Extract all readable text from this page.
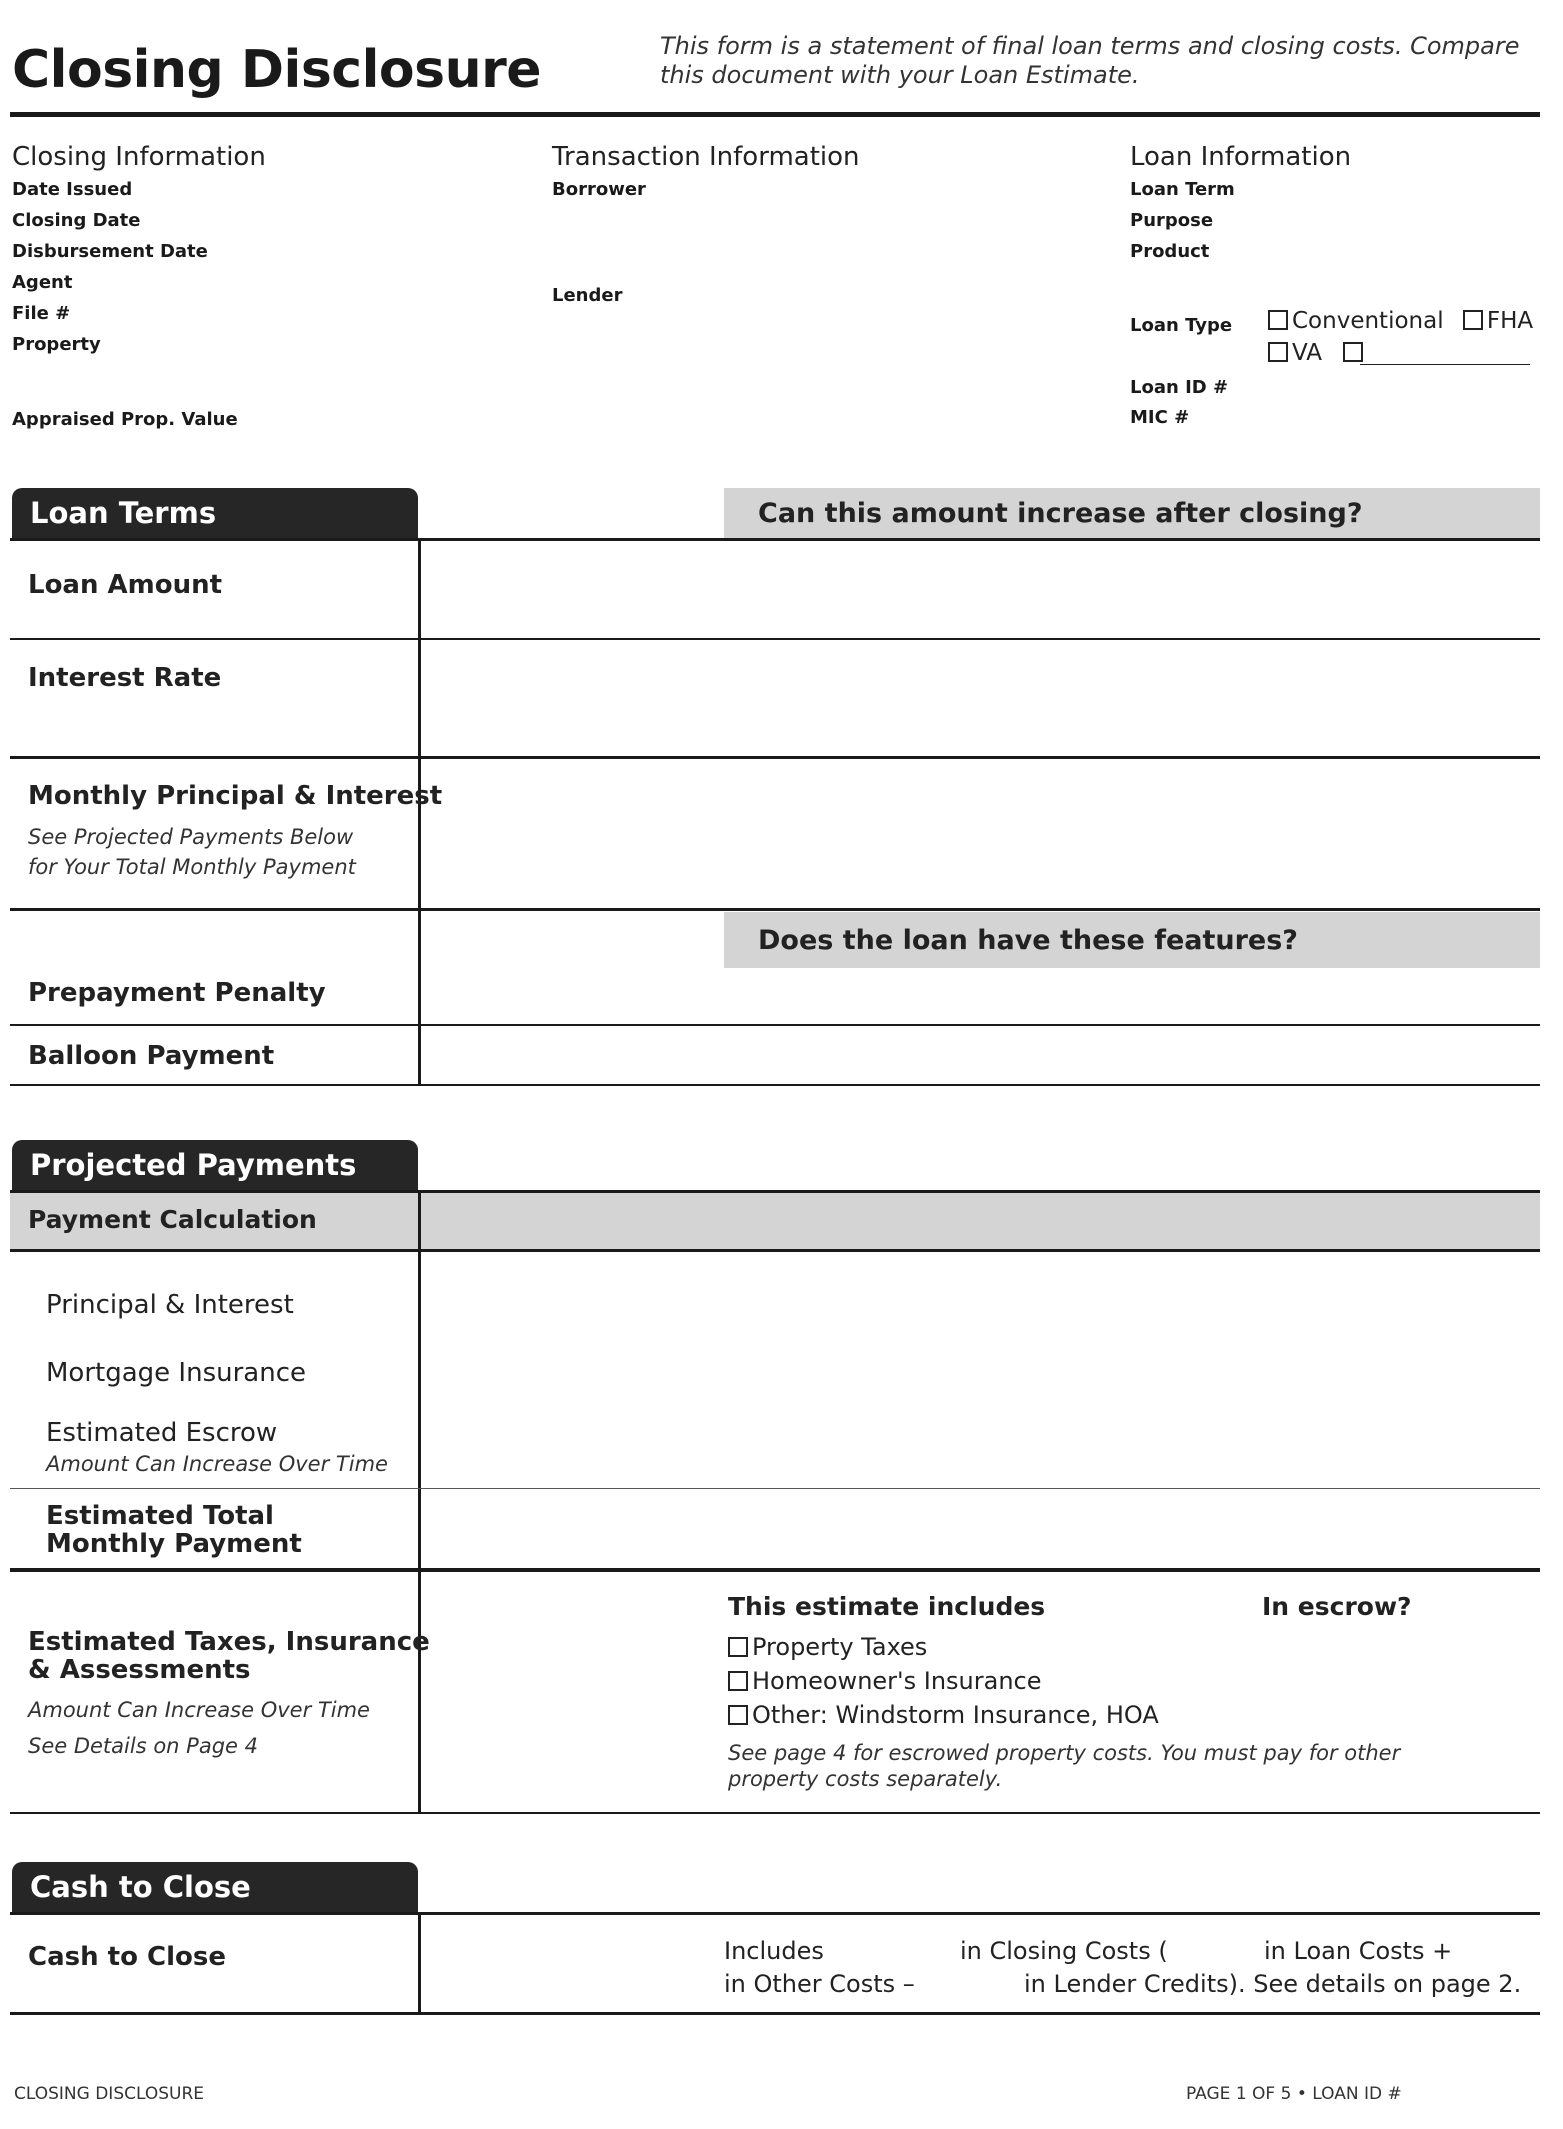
Closing Disclosure	This form is a statement of final loan terms and closing costs. Compare this document with your Loan Estimate.
Closing Information
Date Issued
Closing Date
Disbursement Date
Agent
File #
Property
Appraised Prop. Value
Transaction Information
Borrower
Lender
Loan Information
Loan Term
Purpose
Product
Loan Type	Conventional FHA
VA
Loan ID #
MIC #
Loan Terms	Can this amount increase after closing?
Loan Amount
Interest Rate
Monthly Principal & Interest
See Projected Payments Below
for Your Total Monthly Payment
Does the loan have these features?
Prepayment Penalty
Balloon Payment
Projected Payments
Payment Calculation
Principal & Interest
Mortgage Insurance
Estimated Escrow
Amount Can Increase Over Time
Estimated Total
Monthly Payment
Estimated Taxes, Insurance
& Assessments
Amount Can Increase Over Time
See Details on Page 4
This estimate includes	In escrow?
Property Taxes
Homeowner's Insurance
Other: Windstorm Insurance, HOA
See page 4 for escrowed property costs. You must pay for other property costs separately.
Cash to Close
Cash to Close	Includes	in Closing Costs (	in Loan Costs +
in Other Costs –	in Lender Credits). See details on page 2.
CLOSING DISCLOSURE	PAGE 1 OF 5 • LOAN ID #
